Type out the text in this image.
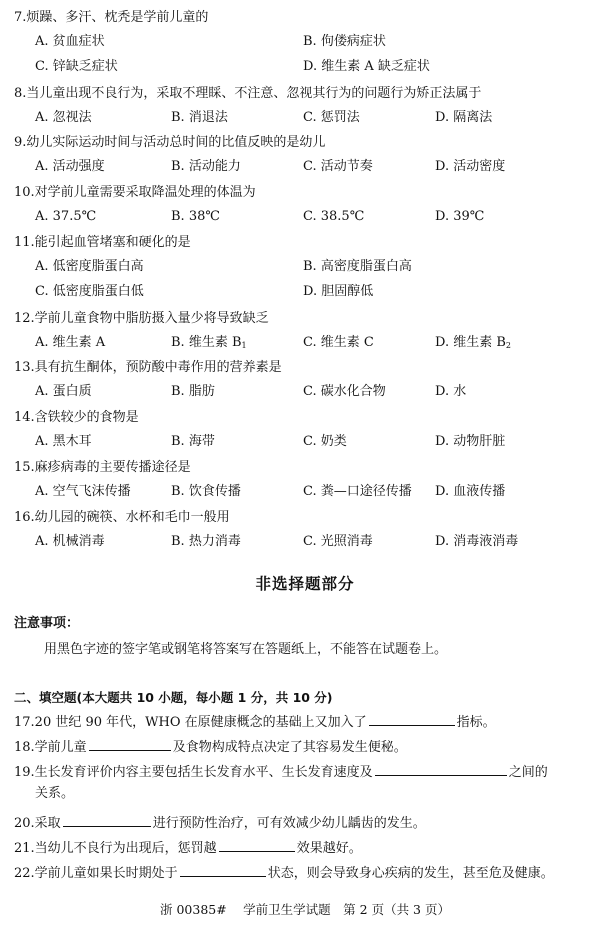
7.烦躁、多汗、枕秃是学前儿童的
A. 贫血症状	B. 佝偻病症状
C. 锌缺乏症状	D. 维生素 A 缺乏症状
8.当儿童出现不良行为，采取不理睬、不注意、忽视其行为的问题行为矫正法属于
A. 忽视法	B. 消退法	C. 惩罚法	D. 隔离法
9.幼儿实际运动时间与活动总时间的比值反映的是幼儿
A. 活动强度	B. 活动能力	C. 活动节奏	D. 活动密度
10.对学前儿童需要采取降温处理的体温为
A. 37.5℃	B. 38℃	C. 38.5℃	D. 39℃
11.能引起血管堵塞和硬化的是
A. 低密度脂蛋白高	B. 高密度脂蛋白高
C. 低密度脂蛋白低	D. 胆固醇低
12.学前儿童食物中脂肪摄入量少将导致缺乏
A. 维生素 A	B. 维生素 $B_1$	C. 维生素 C	D. 维生素 $B_2$
13.具有抗生酮体，预防酸中毒作用的营养素是
A. 蛋白质	B. 脂肪	C. 碳水化合物	D. 水
14.含铁较少的食物是
A. 黑木耳	B. 海带	C. 奶类	D. 动物肝脏
15.麻疹病毒的主要传播途径是
A. 空气飞沫传播	B. 饮食传播	C. 粪—口途径传播 D. 血液传播
16.幼儿园的碗筷、水杯和毛巾一般用
A. 机械消毒	B. 热力消毒	C. 光照消毒	D. 消毒液消毒
非选择题部分
注意事项：
用黑色字迹的签字笔或钢笔将答案写在答题纸上，不能答在试题卷上。
二、填空题(本大题共 10 小题，每小题 1 分，共 10 分)
17.20 世纪 90 年代，WHO 在原健康概念的基础上又加入了	指标。
18.学前儿童	及食物构成特点决定了其容易发生便秘。
19.生长发育评价内容主要包括生长发育水平、生长发育速度及	之间的
关系。
20.采取	进行预防性治疗，可有效减少幼儿龋齿的发生。
21.当幼儿不良行为出现后，惩罚越	效果越好。
22.学前儿童如果长时期处于	状态，则会导致身心疾病的发生，甚至危及健康。
浙 00385#　 学前卫生学试题　第 2 页（共 3 页）
